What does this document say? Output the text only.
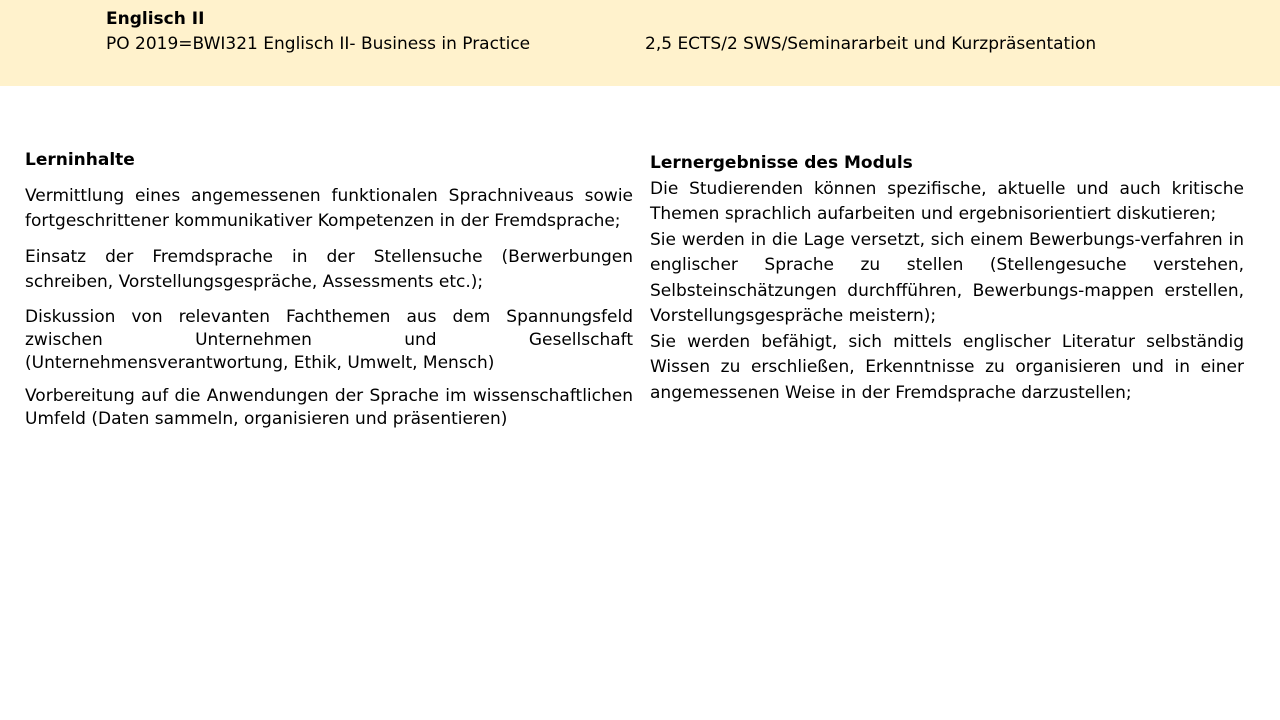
Englisch II
PO 2019=BWI321 Englisch II- Business in Practice	2,5 ECTS/2 SWS/Seminararbeit und Kurzpräsentation
Lerninhalte

Vermittlung eines angemessenen funktionalen Sprachniveaus sowie fortgeschrittener kommunikativer Kompetenzen in der Fremdsprache;

Einsatz der Fremdsprache in der Stellensuche (Berwerbungen schreiben, Vorstellungsgespräche, Assessments etc.);

Diskussion von relevanten Fachthemen aus dem Spannungsfeld zwischen Unternehmen und Gesellschaft (Unternehmensverantwortung, Ethik, Umwelt, Mensch)

Vorbereitung auf die Anwendungen der Sprache im wissenschaftlichen Umfeld (Daten sammeln, organisieren und präsentieren)

Lernergebnisse des Moduls

Die Studierenden können spezifische, aktuelle und auch kritische Themen sprachlich aufarbeiten und ergebnisorientiert diskutieren;

Sie werden in die Lage versetzt, sich einem Bewerbungs-verfahren in englischer Sprache zu stellen (Stellengesuche verstehen, Selbsteinschätzungen durchfführen, Bewerbungs-mappen erstellen, Vorstellungsgespräche meistern);

Sie werden befähigt, sich mittels englischer Literatur selbständig Wissen zu erschließen, Erkenntnisse zu organisieren und in einer angemessenen Weise in der Fremdsprache darzustellen;
